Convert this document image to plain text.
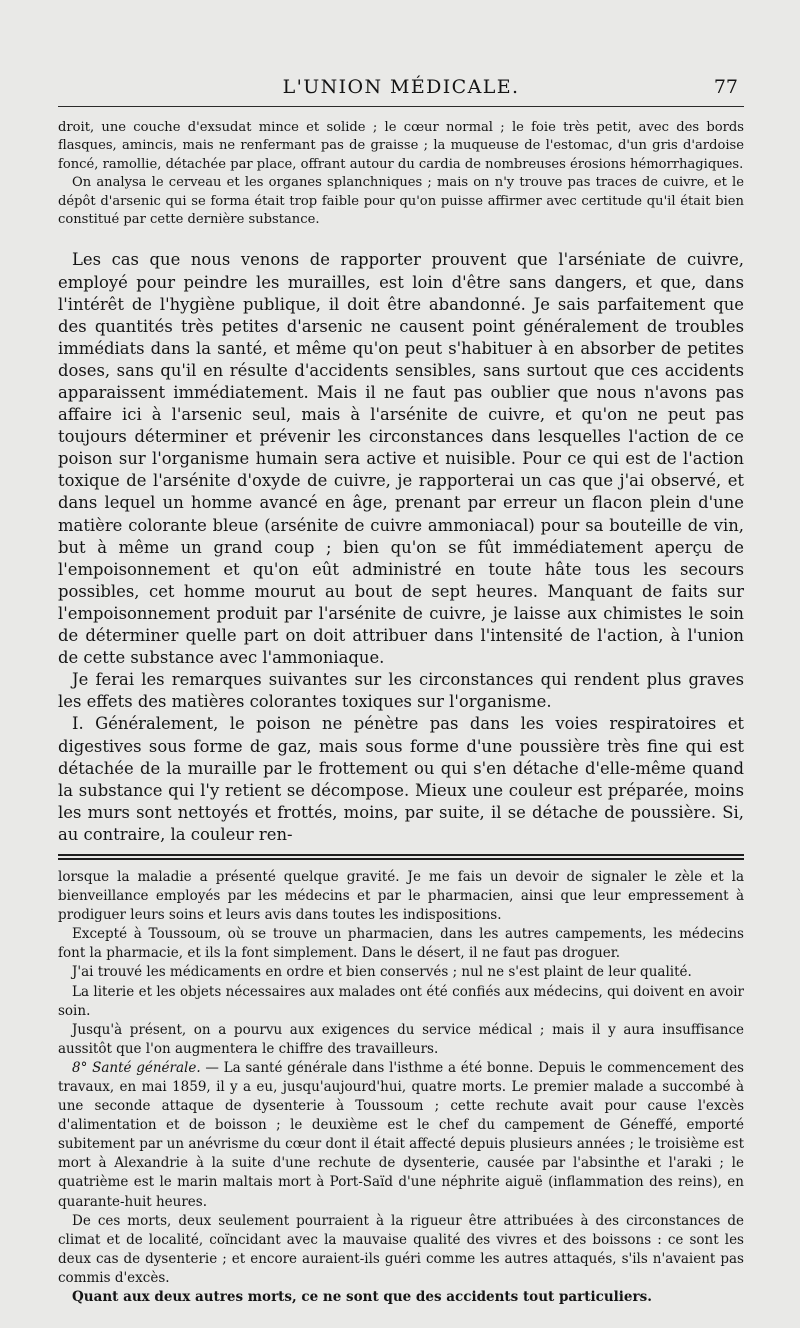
L'UNION MÉDICALE.	77

droit, une couche d'exsudat mince et solide ; le cœur normal ; le foie très petit, avec des bords flasques, amincis, mais ne renfermant pas de graisse ; la muqueuse de l'estomac, d'un gris d'ardoise foncé, ramollie, détachée par place, offrant autour du cardia de nombreuses érosions hémorrhagiques.

On analysa le cerveau et les organes splanchniques ; mais on n'y trouve pas traces de cuivre, et le dépôt d'arsenic qui se forma était trop faible pour qu'on puisse affirmer avec certitude qu'il était bien constitué par cette dernière substance.

Les cas que nous venons de rapporter prouvent que l'arséniate de cuivre, employé pour peindre les murailles, est loin d'être sans dangers, et que, dans l'intérêt de l'hygiène publique, il doit être abandonné. Je sais parfaitement que des quantités très petites d'arsenic ne causent point généralement de troubles immédiats dans la santé, et même qu'on peut s'habituer à en absorber de petites doses, sans qu'il en résulte d'accidents sensibles, sans surtout que ces accidents apparaissent immédiatement. Mais il ne faut pas oublier que nous n'avons pas affaire ici à l'arsenic seul, mais à l'arsénite de cuivre, et qu'on ne peut pas toujours déterminer et prévenir les circonstances dans lesquelles l'action de ce poison sur l'organisme humain sera active et nuisible. Pour ce qui est de l'action toxique de l'arsénite d'oxyde de cuivre, je rapporterai un cas que j'ai observé, et dans lequel un homme avancé en âge, prenant par erreur un flacon plein d'une matière colorante bleue (arsénite de cuivre ammoniacal) pour sa bouteille de vin, but à même un grand coup ; bien qu'on se fût immédiatement aperçu de l'empoisonnement et qu'on eût administré en toute hâte tous les secours possibles, cet homme mourut au bout de sept heures. Manquant de faits sur l'empoisonnement produit par l'arsénite de cuivre, je laisse aux chimistes le soin de déterminer quelle part on doit attribuer dans l'intensité de l'action, à l'union de cette substance avec l'ammoniaque.

Je ferai les remarques suivantes sur les circonstances qui rendent plus graves les effets des matières colorantes toxiques sur l'organisme.

I. Généralement, le poison ne pénètre pas dans les voies respiratoires et digestives sous forme de gaz, mais sous forme d'une poussière très fine qui est détachée de la muraille par le frottement ou qui s'en détache d'elle-même quand la substance qui l'y retient se décompose. Mieux une couleur est préparée, moins les murs sont nettoyés et frottés, moins, par suite, il se détache de poussière. Si, au contraire, la couleur ren-

lorsque la maladie a présenté quelque gravité. Je me fais un devoir de signaler le zèle et la bienveillance employés par les médecins et par le pharmacien, ainsi que leur empressement à prodiguer leurs soins et leurs avis dans toutes les indispositions.

Excepté à Toussoum, où se trouve un pharmacien, dans les autres campements, les médecins font la pharmacie, et ils la font simplement. Dans le désert, il ne faut pas droguer.

J'ai trouvé les médicaments en ordre et bien conservés ; nul ne s'est plaint de leur qualité.

La literie et les objets nécessaires aux malades ont été confiés aux médecins, qui doivent en avoir soin.

Jusqu'à présent, on a pourvu aux exigences du service médical ; mais il y aura insuffisance aussitôt que l'on augmentera le chiffre des travailleurs.

8° Santé générale. — La santé générale dans l'isthme a été bonne. Depuis le commencement des travaux, en mai 1859, il y a eu, jusqu'aujourd'hui, quatre morts. Le premier malade a succombé à une seconde attaque de dysenterie à Toussoum ; cette rechute avait pour cause l'excès d'alimentation et de boisson ; le deuxième est le chef du campement de Géneffé, emporté subitement par un anévrisme du cœur dont il était affecté depuis plusieurs années ; le troisième est mort à Alexandrie à la suite d'une rechute de dysenterie, causée par l'absinthe et l'araki ; le quatrième est le marin maltais mort à Port-Saïd d'une néphrite aiguë (inflammation des reins), en quarante-huit heures.

De ces morts, deux seulement pourraient à la rigueur être attribuées à des circonstances de climat et de localité, coïncidant avec la mauvaise qualité des vivres et des boissons : ce sont les deux cas de dysenterie ; et encore auraient-ils guéri comme les autres attaqués, s'ils n'avaient pas commis d'excès.

Quant aux deux autres morts, ce ne sont que des accidents tout particuliers.
